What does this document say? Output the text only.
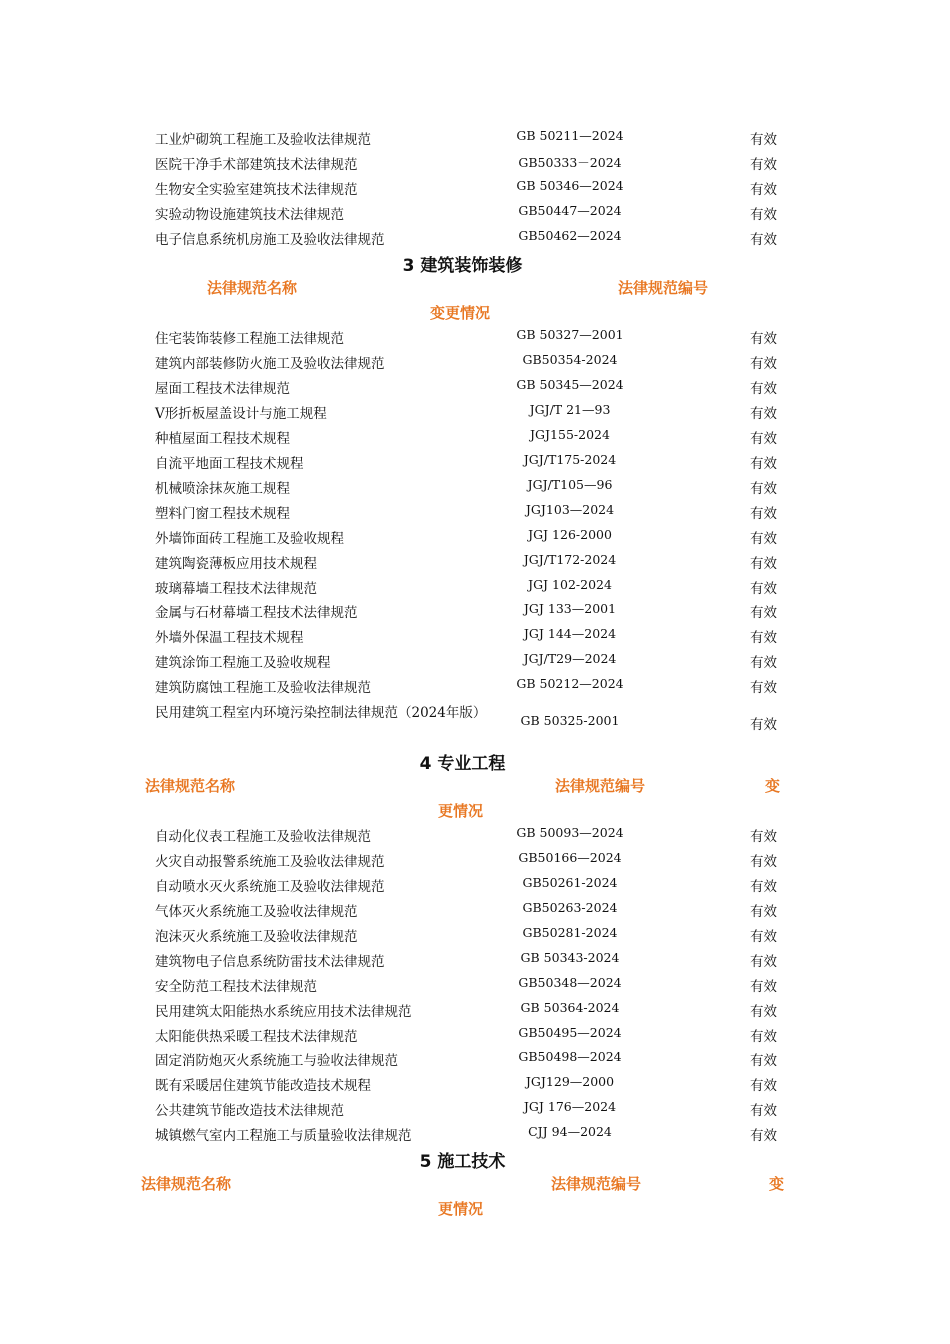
工业炉砌筑工程施工及验收法律规范	GB 50211—2024	有效
医院干净手术部建筑技术法律规范	GB50333－2024	有效
生物安全实验室建筑技术法律规范	GB 50346—2024	有效
实验动物设施建筑技术法律规范	GB50447—2024	有效
电子信息系统机房施工及验收法律规范	GB50462—2024	有效
3 建筑装饰装修
法律规范名称	法律规范编号
变更情况
住宅装饰装修工程施工法律规范	GB 50327—2001	有效
建筑内部装修防火施工及验收法律规范	GB50354-2024	有效
屋面工程技术法律规范	GB 50345—2024	有效
V形折板屋盖设计与施工规程	JGJ/T 21—93	有效
种植屋面工程技术规程	JGJ155-2024	有效
自流平地面工程技术规程	JGJ/T175-2024	有效
机械喷涂抹灰施工规程	JGJ/T105—96	有效
塑料门窗工程技术规程	JGJ103—2024	有效
外墙饰面砖工程施工及验收规程	JGJ 126-2000	有效
建筑陶瓷薄板应用技术规程	JGJ/T172-2024	有效
玻璃幕墙工程技术法律规范	JGJ 102-2024	有效
金属与石材幕墙工程技术法律规范	JGJ 133—2001	有效
外墙外保温工程技术规程	JGJ 144—2024	有效
建筑涂饰工程施工及验收规程	JGJ/T29—2024	有效
建筑防腐蚀工程施工及验收法律规范	GB 50212—2024	有效
民用建筑工程室内环境污染控制法律规范（2024年版）	GB 50325-2001	有效
4 专业工程
法律规范名称	法律规范编号	变
更情况
自动化仪表工程施工及验收法律规范	GB 50093—2024	有效
火灾自动报警系统施工及验收法律规范	GB50166—2024	有效
自动喷水灭火系统施工及验收法律规范	GB50261-2024	有效
气体灭火系统施工及验收法律规范	GB50263-2024	有效
泡沫灭火系统施工及验收法律规范	GB50281-2024	有效
建筑物电子信息系统防雷技术法律规范	GB 50343-2024	有效
安全防范工程技术法律规范	GB50348—2024	有效
民用建筑太阳能热水系统应用技术法律规范	GB 50364-2024	有效
太阳能供热采暖工程技术法律规范	GB50495—2024	有效
固定消防炮灭火系统施工与验收法律规范	GB50498—2024	有效
既有采暖居住建筑节能改造技术规程	JGJ129—2000	有效
公共建筑节能改造技术法律规范	JGJ 176—2024	有效
城镇燃气室内工程施工与质量验收法律规范	CJJ 94—2024	有效
5 施工技术
法律规范名称	法律规范编号	变
更情况
